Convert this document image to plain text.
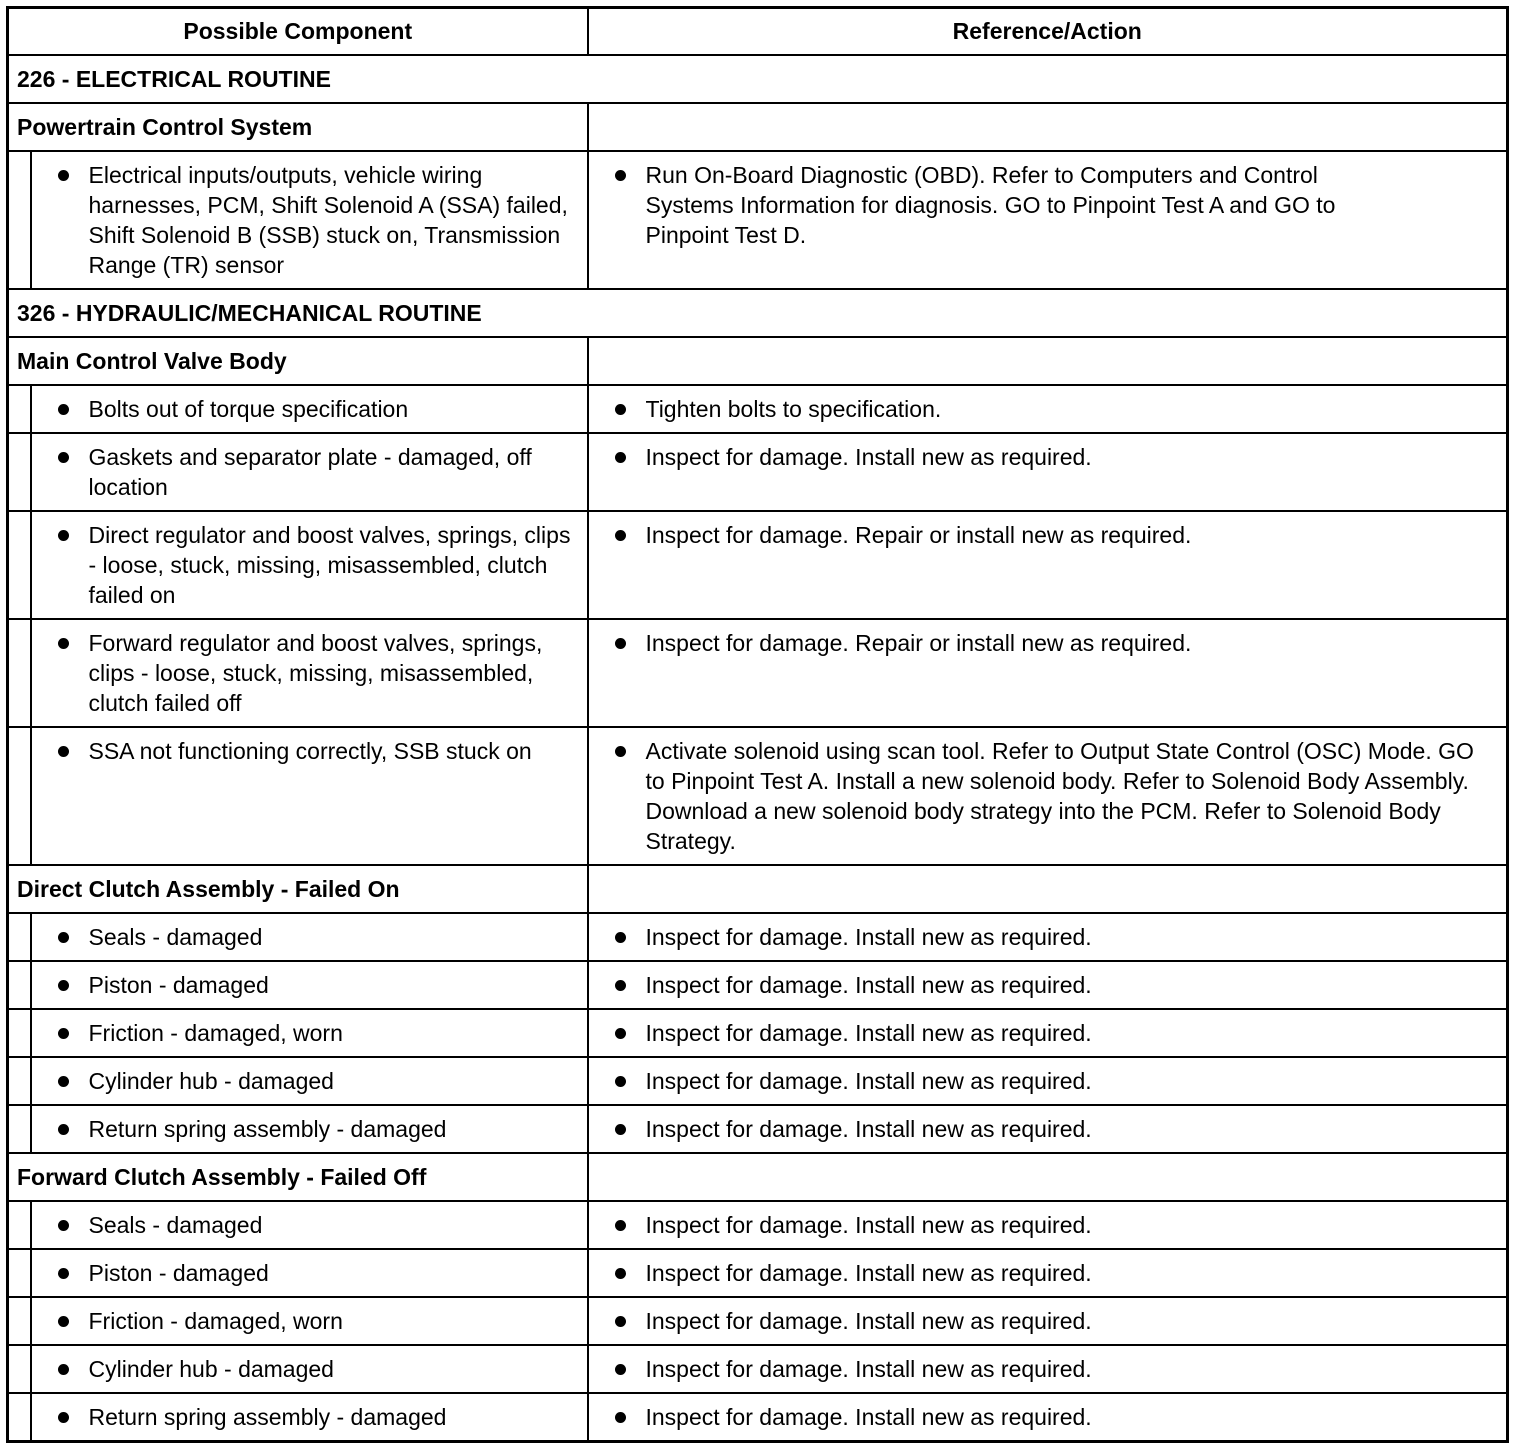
Possible Component		Reference/Action
226 - ELECTRICAL ROUTINE		
Powertrain Control System		

Electrical inputs/outputs, vehicle wiring harnesses, PCM, Shift Solenoid A (SSA) failed, Shift Solenoid B (SSB) stuck on, Transmission Range (TR) sensor	Run On-Board Diagnostic (OBD). Refer to Computers and Control Systems Information for diagnosis. GO to Pinpoint Test A and GO to Pinpoint Test D.

326 - HYDRAULIC/MECHANICAL ROUTINE		
Main Control Valve Body		

Bolts out of torque specification	Tighten bolts to specification.

Gaskets and separator plate - damaged, off location	Inspect for damage. Install new as required.

Direct regulator and boost valves, springs, clips - loose, stuck, missing, misassembled, clutch failed on	Inspect for damage. Repair or install new as required.

Forward regulator and boost valves, springs, clips - loose, stuck, missing, misassembled, clutch failed off	Inspect for damage. Repair or install new as required.

SSA not functioning correctly, SSB stuck on	Activate solenoid using scan tool. Refer to Output State Control (OSC) Mode. GO to Pinpoint Test A. Install a new solenoid body. Refer to Solenoid Body Assembly. Download a new solenoid body strategy into the PCM. Refer to Solenoid Body Strategy.

Direct Clutch Assembly - Failed On		

Seals - damaged	Inspect for damage. Install new as required.

Piston - damaged	Inspect for damage. Install new as required.

Friction - damaged, worn	Inspect for damage. Install new as required.

Cylinder hub - damaged	Inspect for damage. Install new as required.

Return spring assembly - damaged	Inspect for damage. Install new as required.

Forward Clutch Assembly - Failed Off		

Seals - damaged	Inspect for damage. Install new as required.

Piston - damaged	Inspect for damage. Install new as required.

Friction - damaged, worn	Inspect for damage. Install new as required.

Cylinder hub - damaged	Inspect for damage. Install new as required.

Return spring assembly - damaged	Inspect for damage. Install new as required.
